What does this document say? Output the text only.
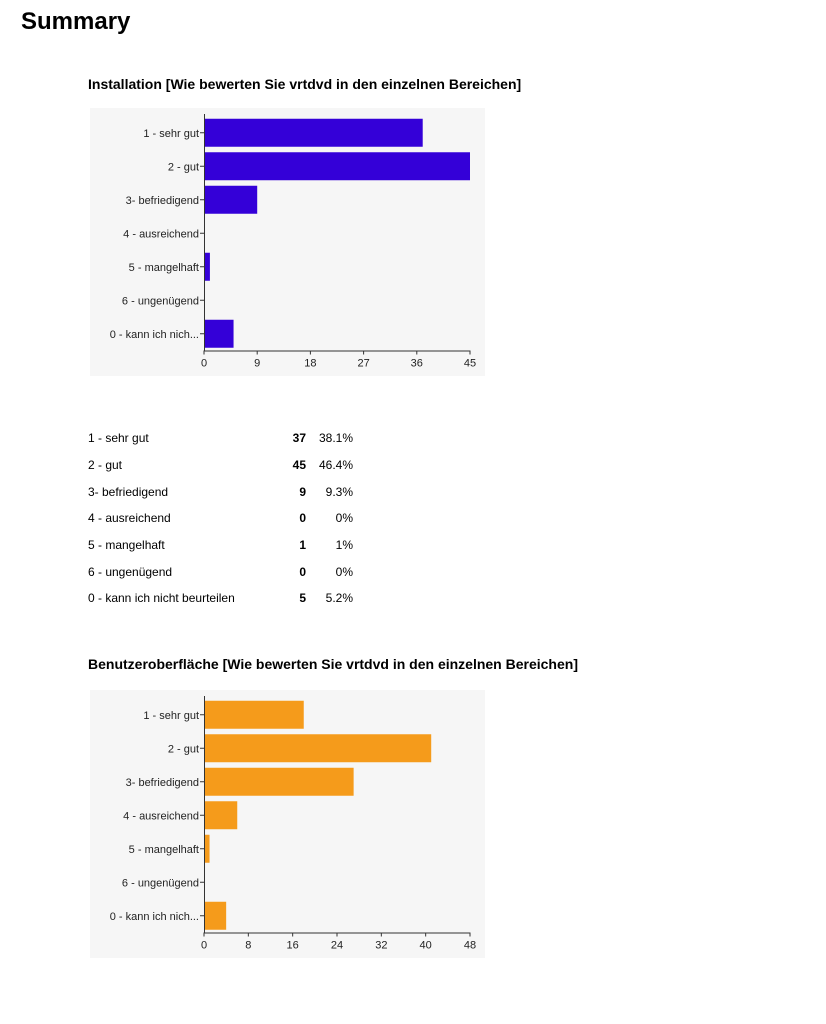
Summary
Installation [Wie bewerten Sie vrtdvd in den einzelnen Bereichen]
1 - sehr gut
2 - gut
3- befriedigend
4 - ausreichend
5 - mangelhaft
6 - ungenügend
0 - kann ich nich...
0	9	18	27	36	45
1 - sehr gut	37	38.1%
2 - gut	45	46.4%
3- befriedigend	9	9.3%
4 - ausreichend	0	0%
5 - mangelhaft	1	1%
6 - ungenügend	0	0%
0 - kann ich nicht beurteilen	5	5.2%
Benutzeroberfläche [Wie bewerten Sie vrtdvd in den einzelnen Bereichen]
1 - sehr gut
2 - gut
3- befriedigend
4 - ausreichend
5 - mangelhaft
6 - ungenügend
0 - kann ich nich...
0	8	16	24	32	40	48
